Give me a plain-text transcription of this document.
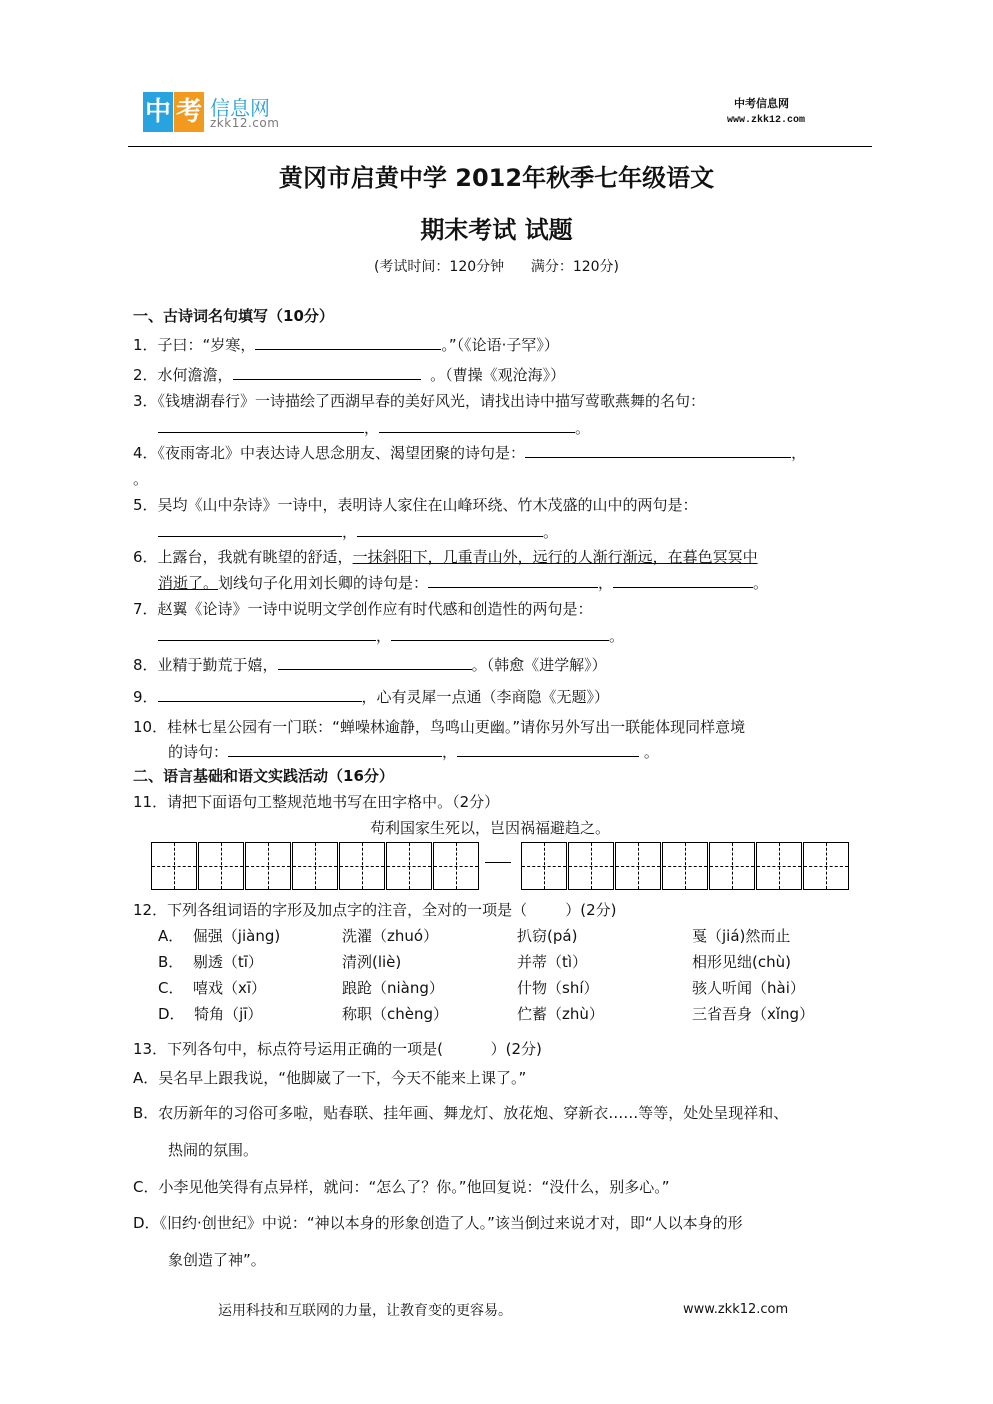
中 考 信息网
zkk12.com
中考信息网
www.zkk12.com
黄冈市启黄中学 2012年秋季七年级语文
期末考试 试题
(考试时间：120分钟      满分：120分)
一、古诗词名句填写（10分）
1．子曰：“岁寒，	。”（《论语·子罕》）
2．水何澹澹，	。（曹操《观沧海》）
3．《钱塘湖春行》一诗描绘了西湖早春的美好风光，请找出诗中描写莺歌燕舞的名句：
，	。
4．《夜雨寄北》中表达诗人思念朋友、渴望团聚的诗句是：	，
。
5．吴均《山中杂诗》一诗中，表明诗人家住在山峰环绕、竹木茂盛的山中的两句是：
，	。
6．上露台，我就有眺望的舒适，一抹斜阳下，几重青山外，远行的人渐行渐远，在暮色冥冥中
消逝了。划线句子化用刘长卿的诗句是：	，	。
7．赵翼《论诗》一诗中说明文学创作应有时代感和创造性的两句是：
，	。
8．业精于勤荒于嬉，	。（韩愈《进学解》）
9．	，心有灵犀一点通（李商隐《无题》）
10．桂林七星公园有一门联：“蝉噪林逾静，鸟鸣山更幽。”请你另外写出一联能体现同样意境
的诗句：	，	。
二、语言基础和语文实践活动（16分）
11．请把下面语句工整规范地书写在田字格中。（2分）
苟利国家生死以，岂因祸福避趋之。
12．下列各组词语的字形及加点字的注音，全对的一项是（        ）(2分)
A．  倔强（jiàng)	洗濯（zhuó）	扒窃(pá)	戛（jiá)然而止
B．  剔透（tī）	清洌(liè)	并蒂（tì）	相形见绌(chù)
C．  嘻戏（xī）	踉跄（niàng）	什物（shí）	骇人听闻（hài）
D．  犄角（jī）	称职（chèng）	伫蓄（zhù）	三省吾身（xǐng）
13．下列各句中，标点符号运用正确的一项是(          ）(2分)
A．吴名早上跟我说，“他脚崴了一下，今天不能来上课了。”
B．农历新年的习俗可多啦，贴春联、挂年画、舞龙灯、放花炮、穿新衣……等等，处处呈现祥和、
热闹的氛围。
C．小李见他笑得有点异样，就问：“怎么了？你。”他回复说：“没什么，别多心。”
D．《旧约·创世纪》中说：“神以本身的形象创造了人。”该当倒过来说才对，即“人以本身的形
象创造了神”。
运用科技和互联网的力量，让教育变的更容易。	www.zkk12.com
